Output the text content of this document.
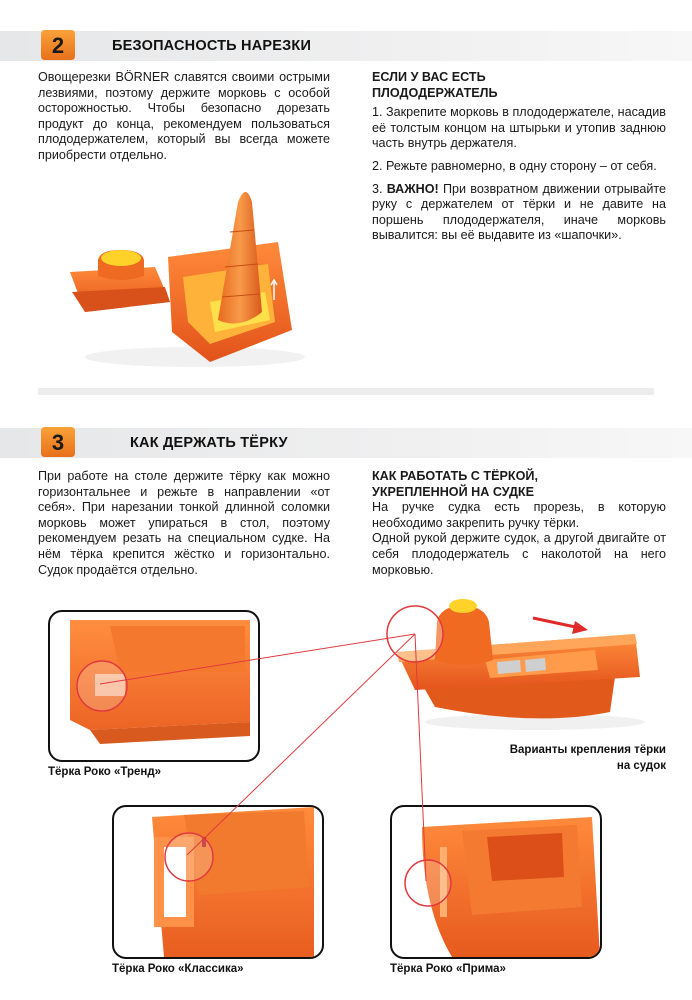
2	БЕЗОПАСНОСТЬ НАРЕЗКИ
Овощерезки BÖRNER славятся своими острыми лезвиями, поэтому держите морковь с особой осторожностью. Чтобы безопасно дорезать продукт до конца, рекомендуем пользоваться плододержателем, который вы всегда можете приобрести отдельно.
ЕСЛИ У ВАС ЕСТЬ
ПЛОДОДЕРЖАТЕЛЬ

1. Закрепите морковь в плододержателе, насадив её толстым концом на штырьки и утопив заднюю часть внутрь держателя.

2. Режьте равномерно, в одну сторону – от себя.

3. ВАЖНО! При возвратном движении отрывайте руку с держателем от тёрки и не давите на поршень плододержателя, иначе морковь вывалится: вы её выдавите из «шапочки».

3	КАК ДЕРЖАТЬ ТЁРКУ
При работе на столе держите тёрку как можно горизонтальнее и режьте в направлении «от себя». При нарезании тонкой длинной соломки морковь может упираться в стол, поэтому рекомендуем резать на специальном судке. На нём тёрка крепится жёстко и горизонтально. Судок продаётся отдельно.
КАК РАБОТАТЬ С ТЁРКОЙ,
УКРЕПЛЕННОЙ НА СУДКЕ

На ручке судка есть прорезь, в которую необходимо закрепить ручку тёрки.

Одной рукой держите судок, а другой двигайте от себя плододержатель с наколотой на него морковью.

Варианты крепления тёрки на судок
Тёрка Роко «Тренд»
Тёрка Роко «Классика»	Тёрка Роко «Прима»
